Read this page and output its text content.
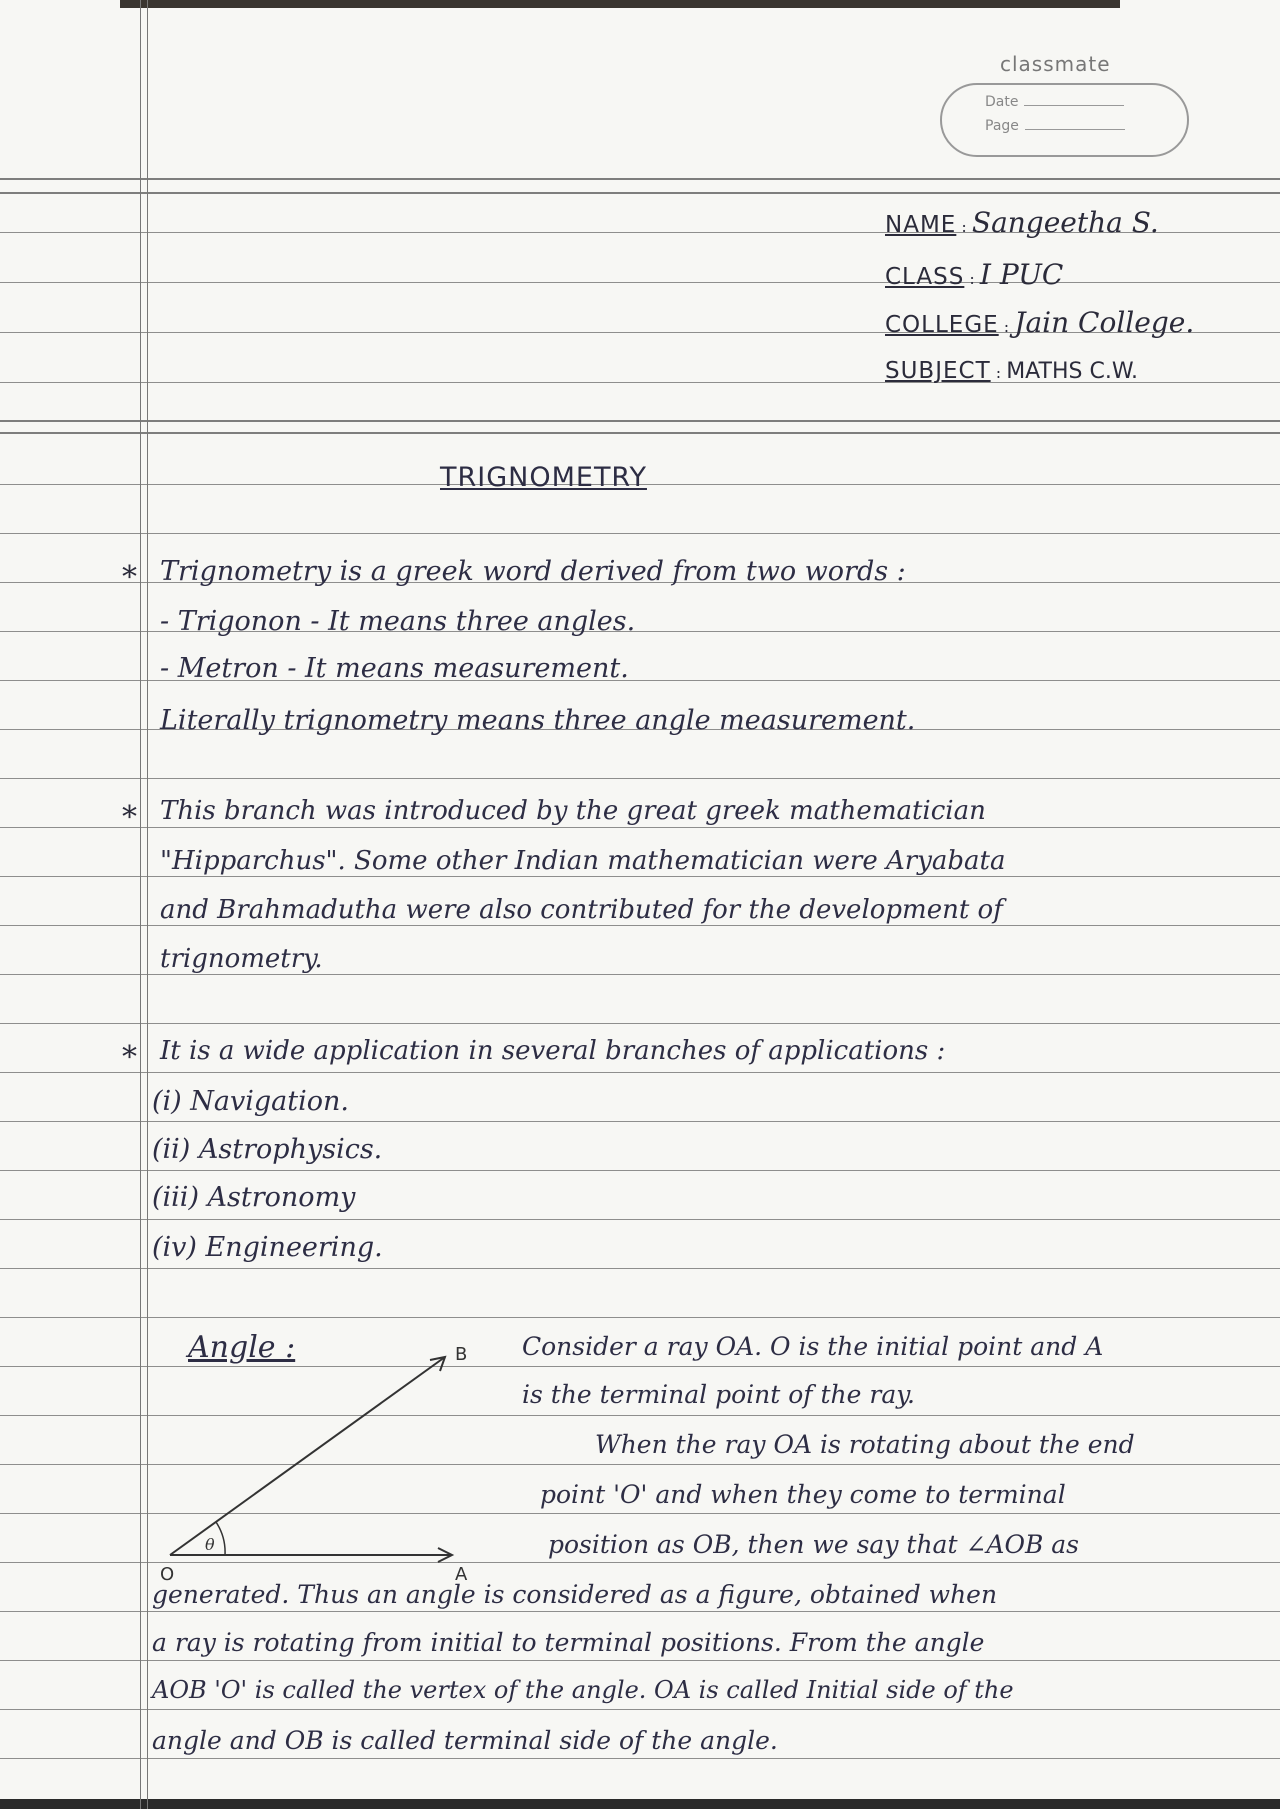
classmate
Date
Page
NAME : Sangeetha S.
CLASS : I PUC
COLLEGE : Jain College.
SUBJECT : MATHS C.W.
TRIGNOMETRY
* Trignometry is a greek word derived from two words :
- Trigonon - It means three angles.
- Metron - It means measurement.
Literally trignometry means three angle measurement.
* This branch was introduced by the great greek mathematician
"Hipparchus". Some other Indian mathematician were Aryabata
and Brahmadutha were also contributed for the development of
trignometry.
* It is a wide application in several branches of applications :
(i) Navigation.
(ii) Astrophysics.
(iii) Astronomy
(iv) Engineering.
Angle :
θ
O	A
B Consider a ray OA. O is the initial point and A
is the terminal point of the ray.
When the ray OA is rotating about the end
point 'O' and when they come to terminal
position as OB, then we say that ∠AOB as
generated. Thus an angle is considered as a figure, obtained when
a ray is rotating from initial to terminal positions. From the angle
AOB 'O' is called the vertex of the angle. OA is called Initial side of the
angle and OB is called terminal side of the angle.
